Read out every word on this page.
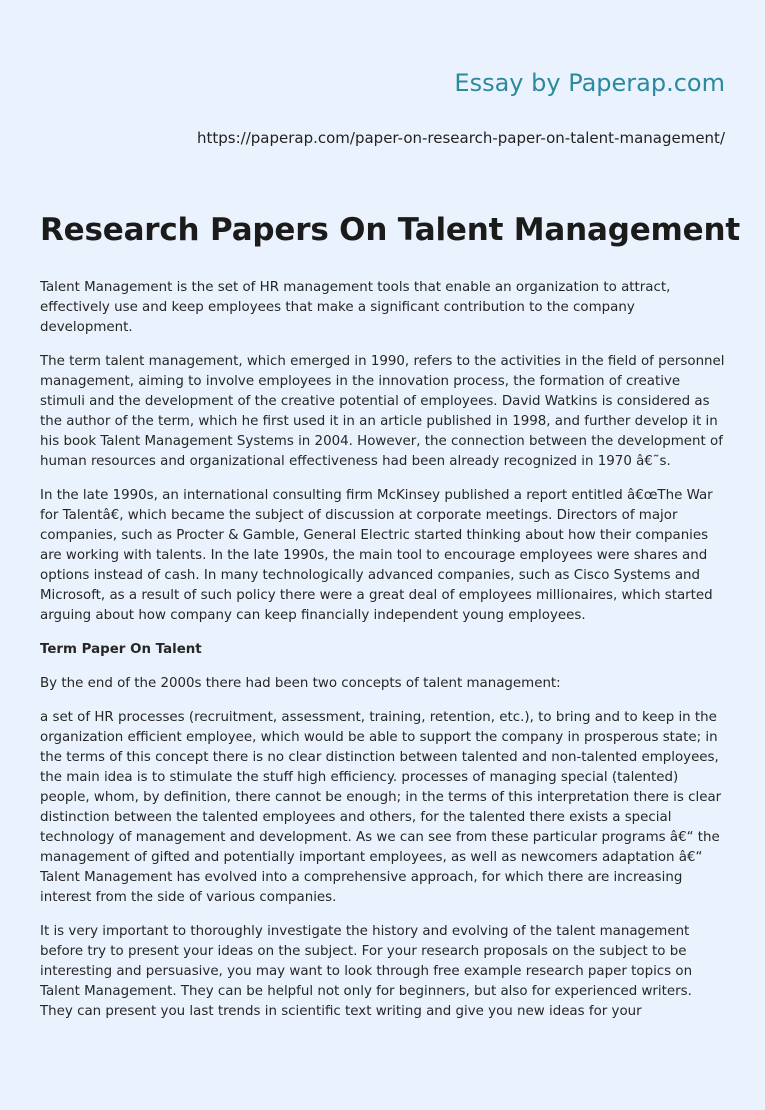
Essay by Paperap.com
https://paperap.com/paper-on-research-paper-on-talent-management/
Research Papers On Talent Management

Talent Management is the set of HR management tools that enable an organization to attract, effectively use and keep employees that make a significant contribution to the company development.

The term talent management, which emerged in 1990, refers to the activities in the field of personnel management, aiming to involve employees in the innovation process, the formation of creative stimuli and the development of the creative potential of employees. David Watkins is considered as the author of the term, which he first used it in an article published in 1998, and further develop it in his book Talent Management Systems in 2004. However, the connection between the development of human resources and organizational effectiveness had been already recognized in 1970 â€˜s.

In the late 1990s, an international consulting firm McKinsey published a report entitled â€œThe War for Talentâ€, which became the subject of discussion at corporate meetings. Directors of major companies, such as Procter & Gamble, General Electric started thinking about how their companies are working with talents. In the late 1990s, the main tool to encourage employees were shares and options instead of cash. In many technologically advanced companies, such as Cisco Systems and Microsoft, as a result of such policy there were a great deal of employees millionaires, which started arguing about how company can keep financially independent young employees.

Term Paper On Talent

By the end of the 2000s there had been two concepts of talent management:

a set of HR processes (recruitment, assessment, training, retention, etc.), to bring and to keep in the organization efficient employee, which would be able to support the company in prosperous state; in the terms of this concept there is no clear distinction between talented and non-talented employees, the main idea is to stimulate the stuff high efficiency. processes of managing special (talented) people, whom, by definition, there cannot be enough; in the terms of this interpretation there is clear distinction between the talented employees and others, for the talented there exists a special technology of management and development. As we can see from these particular programs â€“ the management of gifted and potentially important employees, as well as newcomers adaptation â€“ Talent Management has evolved into a comprehensive approach, for which there are increasing interest from the side of various companies.

It is very important to thoroughly investigate the history and evolving of the talent management before try to present your ideas on the subject. For your research proposals on the subject to be interesting and persuasive, you may want to look through free example research paper topics on Talent Management. They can be helpful not only for beginners, but also for experienced writers. They can present you last trends in scientific text writing and give you new ideas for your
